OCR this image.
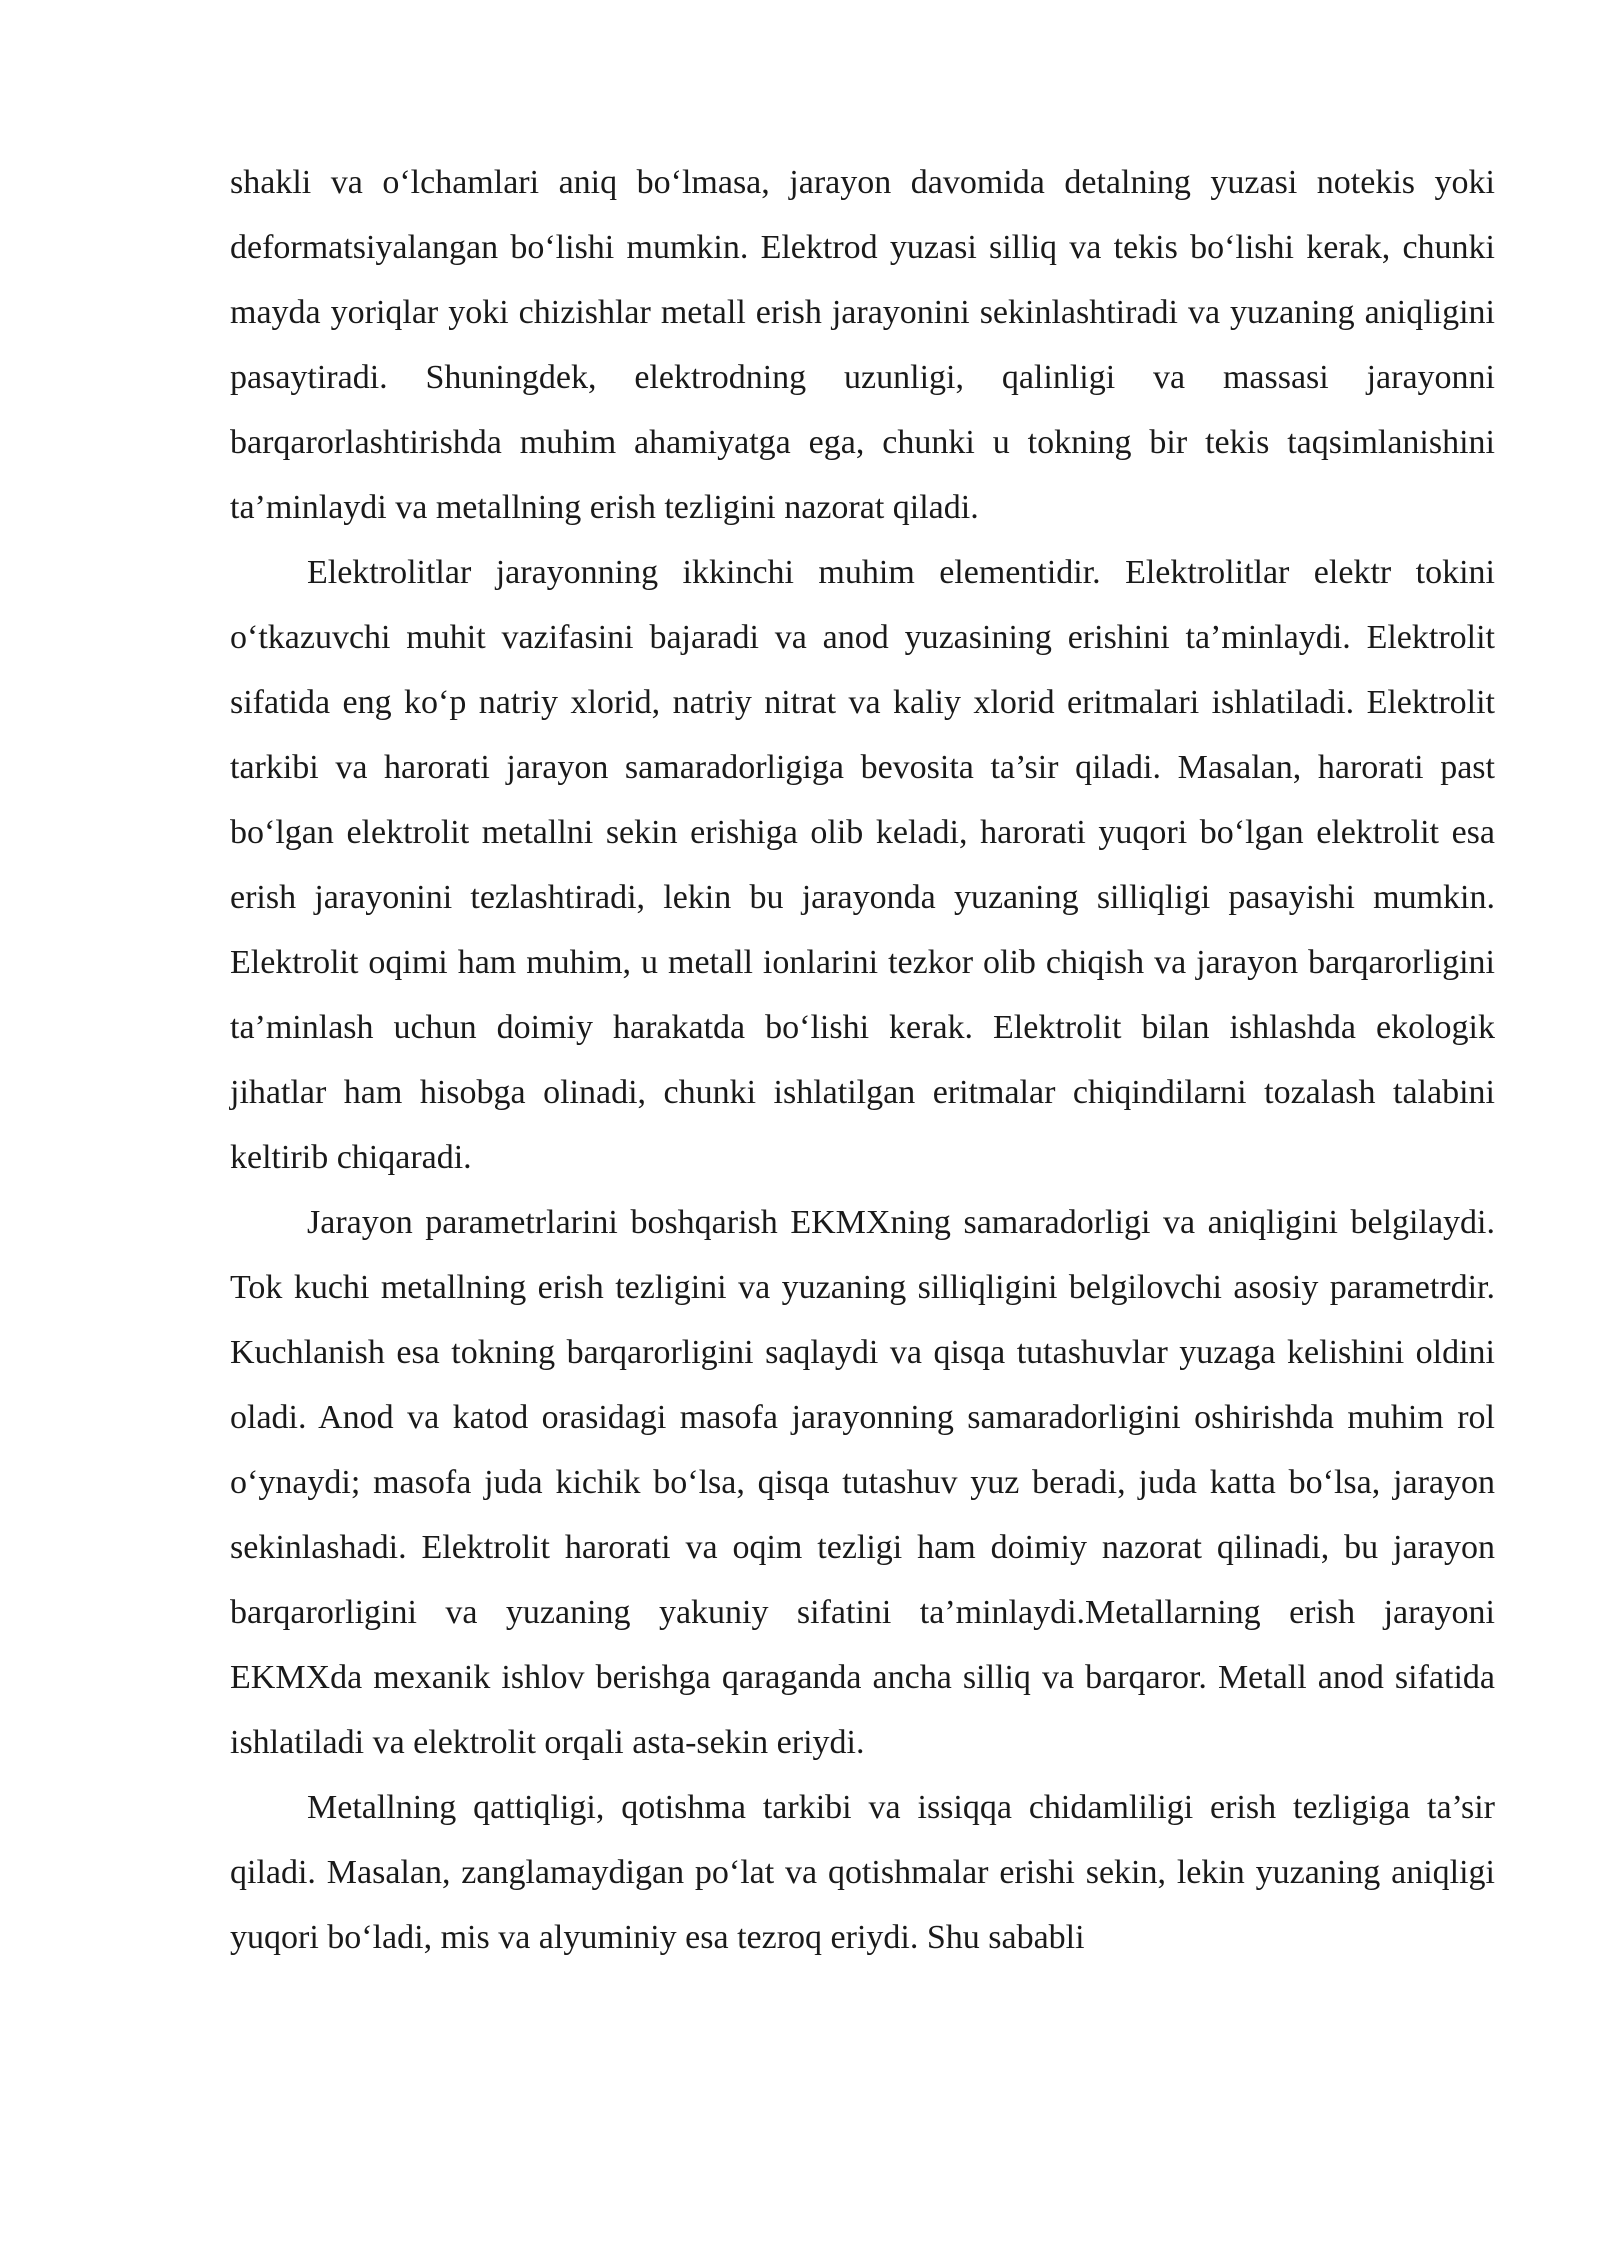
shakli va o‘lchamlari aniq bo‘lmasa, jarayon davomida detalning yuzasi notekis yoki deformatsiyalangan bo‘lishi mumkin. Elektrod yuzasi silliq va tekis bo‘lishi kerak, chunki mayda yoriqlar yoki chizishlar metall erish jarayonini sekinlashtiradi va yuzaning aniqligini pasaytiradi. Shuningdek, elektrodning uzunligi, qalinligi va massasi jarayonni barqarorlashtirishda muhim ahamiyatga ega, chunki u tokning bir tekis taqsimlanishini ta’minlaydi va metallning erish tezligini nazorat qiladi.

Elektrolitlar jarayonning ikkinchi muhim elementidir. Elektrolitlar elektr tokini o‘tkazuvchi muhit vazifasini bajaradi va anod yuzasining erishini ta’minlaydi. Elektrolit sifatida eng ko‘p natriy xlorid, natriy nitrat va kaliy xlorid eritmalari ishlatiladi. Elektrolit tarkibi va harorati jarayon samaradorligiga bevosita ta’sir qiladi. Masalan, harorati past bo‘lgan elektrolit metallni sekin erishiga olib keladi, harorati yuqori bo‘lgan elektrolit esa erish jarayonini tezlashtiradi, lekin bu jarayonda yuzaning silliqligi pasayishi mumkin. Elektrolit oqimi ham muhim, u metall ionlarini tezkor olib chiqish va jarayon barqarorligini ta’minlash uchun doimiy harakatda bo‘lishi kerak. Elektrolit bilan ishlashda ekologik jihatlar ham hisobga olinadi, chunki ishlatilgan eritmalar chiqindilarni tozalash talabini keltirib chiqaradi.

Jarayon parametrlarini boshqarish EKMXning samaradorligi va aniqligini belgilaydi. Tok kuchi metallning erish tezligini va yuzaning silliqligini belgilovchi asosiy parametrdir. Kuchlanish esa tokning barqarorligini saqlaydi va qisqa tutashuvlar yuzaga kelishini oldini oladi. Anod va katod orasidagi masofa jarayonning samaradorligini oshirishda muhim rol o‘ynaydi; masofa juda kichik bo‘lsa, qisqa tutashuv yuz beradi, juda katta bo‘lsa, jarayon sekinlashadi. Elektrolit harorati va oqim tezligi ham doimiy nazorat qilinadi, bu jarayon barqarorligini va yuzaning yakuniy sifatini ta’minlaydi.Metallarning erish jarayoni EKMXda mexanik ishlov berishga qaraganda ancha silliq va barqaror. Metall anod sifatida ishlatiladi va elektrolit orqali asta-sekin eriydi.

Metallning qattiqligi, qotishma tarkibi va issiqqa chidamliligi erish tezligiga ta’sir qiladi. Masalan, zanglamaydigan po‘lat va qotishmalar erishi sekin, lekin yuzaning aniqligi yuqori bo‘ladi, mis va alyuminiy esa tezroq eriydi. Shu sababli
